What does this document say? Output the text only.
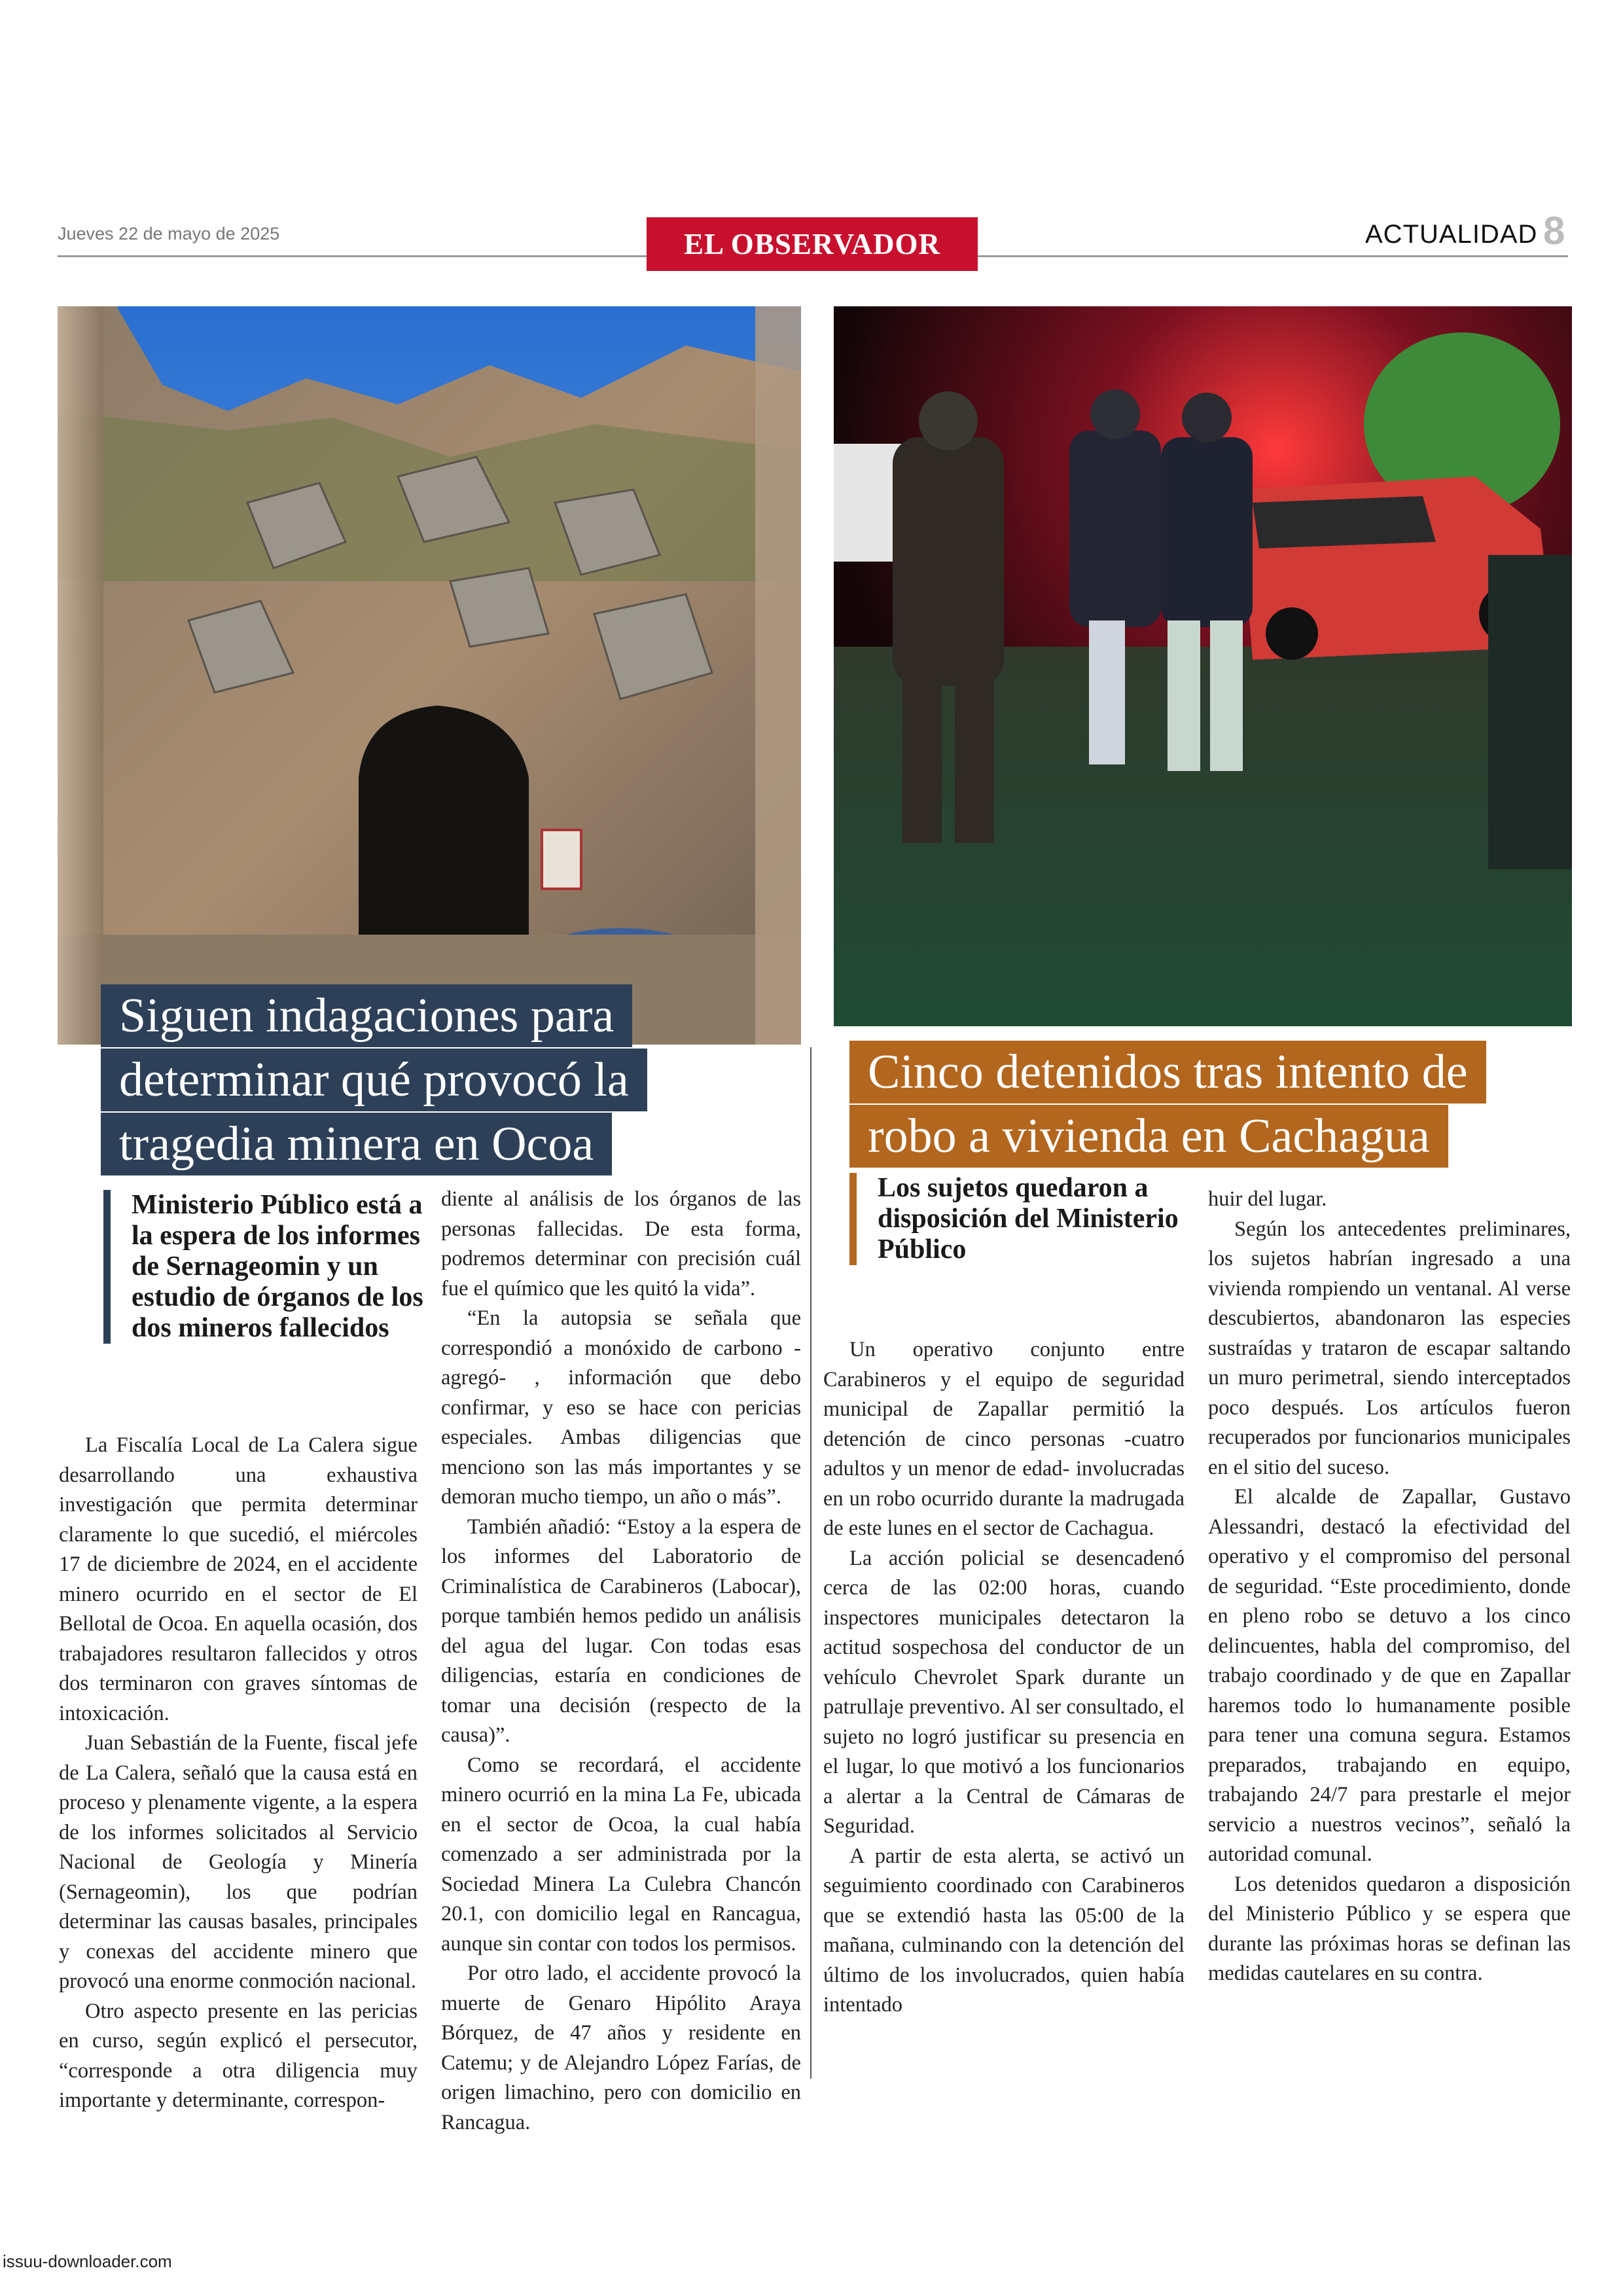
Jueves 22 de mayo de 2025	EL OBSERVADOR	ACTUALIDAD 8
Siguen indagaciones para
determinar qué provocó la
tragedia minera en Ocoa
Cinco detenidos tras intento de
robo a vivienda en Cachagua
Ministerio Público está a la espera de los informes de Sernageomin y un estudio de órganos de los dos mineros fallecidos
Los sujetos quedaron a disposición del Ministerio Público

La Fiscalía Local de La Calera sigue desarrollando una exhaustiva investigación que permita determinar claramente lo que sucedió, el miércoles 17 de diciembre de 2024, en el accidente minero ocurrido en el sector de El Bellotal de Ocoa. En aquella ocasión, dos trabajadores resultaron fallecidos y otros dos terminaron con graves síntomas de intoxicación.

Juan Sebastián de la Fuente, fiscal jefe de La Calera, señaló que la causa está en proceso y plenamente vigente, a la espera de los informes solicitados al Servicio Nacional de Geología y Minería (Sernageomin), los que podrían determinar las causas basales, principales y conexas del accidente minero que provocó una enorme conmoción nacional.

Otro aspecto presente en las pericias en curso, según explicó el persecutor, “corresponde a otra diligencia muy importante y determinante, correspon-

diente al análisis de los órganos de las personas fallecidas. De esta forma, podremos determinar con precisión cuál fue el químico que les quitó la vida”.

“En la autopsia se señala que correspondió a monóxido de carbono -agregó- , información que debo confirmar, y eso se hace con pericias especiales. Ambas diligencias que menciono son las más importantes y se demoran mucho tiempo, un año o más”.

También añadió: “Estoy a la espera de los informes del Laboratorio de Criminalística de Carabineros (Labocar), porque también hemos pedido un análisis del agua del lugar. Con todas esas diligencias, estaría en condiciones de tomar una decisión (respecto de la causa)”.

Como se recordará, el accidente minero ocurrió en la mina La Fe, ubicada en el sector de Ocoa, la cual había comenzado a ser administrada por la Sociedad Minera La Culebra Chancón 20.1, con domicilio legal en Rancagua, aunque sin contar con todos los permisos.

Por otro lado, el accidente provocó la muerte de Genaro Hipólito Araya Bórquez, de 47 años y residente en Catemu; y de Alejandro López Farías, de origen limachino, pero con domicilio en Rancagua.

Un operativo conjunto entre Carabineros y el equipo de seguridad municipal de Zapallar permitió la detención de cinco personas -cuatro adultos y un menor de edad- involucradas en un robo ocurrido durante la madrugada de este lunes en el sector de Cachagua.

La acción policial se desencadenó cerca de las 02:00 horas, cuando inspectores municipales detectaron la actitud sospechosa del conductor de un vehículo Chevrolet Spark durante un patrullaje preventivo. Al ser consultado, el sujeto no logró justificar su presencia en el lugar, lo que motivó a los funcionarios a alertar a la Central de Cámaras de Seguridad.

A partir de esta alerta, se activó un seguimiento coordinado con Carabineros que se extendió hasta las 05:00 de la mañana, culminando con la detención del último de los involucrados, quien había intentado

huir del lugar.

Según los antecedentes preliminares, los sujetos habrían ingresado a una vivienda rompiendo un ventanal. Al verse descubiertos, abandonaron las especies sustraídas y trataron de escapar saltando un muro perimetral, siendo interceptados poco después. Los artículos fueron recuperados por funcionarios municipales en el sitio del suceso.

El alcalde de Zapallar, Gustavo Alessandri, destacó la efectividad del operativo y el compromiso del personal de seguridad. “Este procedimiento, donde en pleno robo se detuvo a los cinco delincuentes, habla del compromiso, del trabajo coordinado y de que en Zapallar haremos todo lo humanamente posible para tener una comuna segura. Estamos preparados, trabajando en equipo, trabajando 24/7 para prestarle el mejor servicio a nuestros vecinos”, señaló la autoridad comunal.

Los detenidos quedaron a disposición del Ministerio Público y se espera que durante las próximas horas se definan las medidas cautelares en su contra.

issuu-downloader.com
